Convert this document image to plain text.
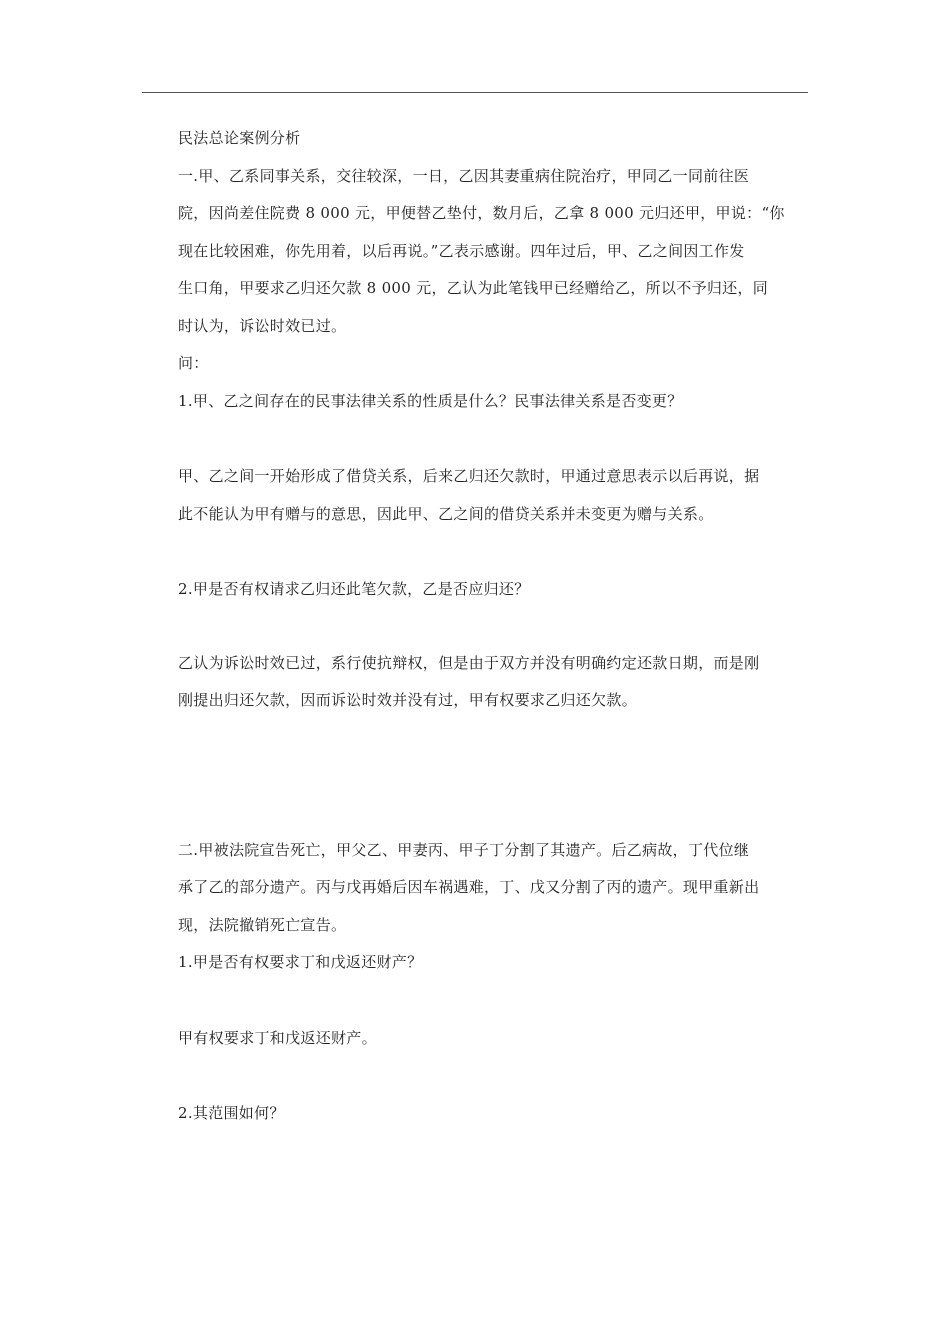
民法总论案例分析
一.甲、乙系同事关系，交往较深，一日，乙因其妻重病住院治疗，甲同乙一同前往医
院，因尚差住院费 8 000 元，甲便替乙垫付，数月后，乙拿 8 000 元归还甲，甲说：“你
现在比较困难，你先用着，以后再说。”乙表示感谢。四年过后，甲、乙之间因工作发
生口角，甲要求乙归还欠款 8 000 元，乙认为此笔钱甲已经赠给乙，所以不予归还，同
时认为，诉讼时效已过。
问：
1.甲、乙之间存在的民事法律关系的性质是什么？民事法律关系是否变更？
甲、乙之间一开始形成了借贷关系，后来乙归还欠款时，甲通过意思表示以后再说，据
此不能认为甲有赠与的意思，因此甲、乙之间的借贷关系并未变更为赠与关系。
2.甲是否有权请求乙归还此笔欠款，乙是否应归还？
乙认为诉讼时效已过，系行使抗辩权，但是由于双方并没有明确约定还款日期，而是刚
刚提出归还欠款，因而诉讼时效并没有过，甲有权要求乙归还欠款。
二.甲被法院宣告死亡，甲父乙、甲妻丙、甲子丁分割了其遗产。后乙病故，丁代位继
承了乙的部分遗产。丙与戊再婚后因车祸遇难，丁、戊又分割了丙的遗产。现甲重新出
现，法院撤销死亡宣告。
1.甲是否有权要求丁和戊返还财产？
甲有权要求丁和戊返还财产。
2.其范围如何？
